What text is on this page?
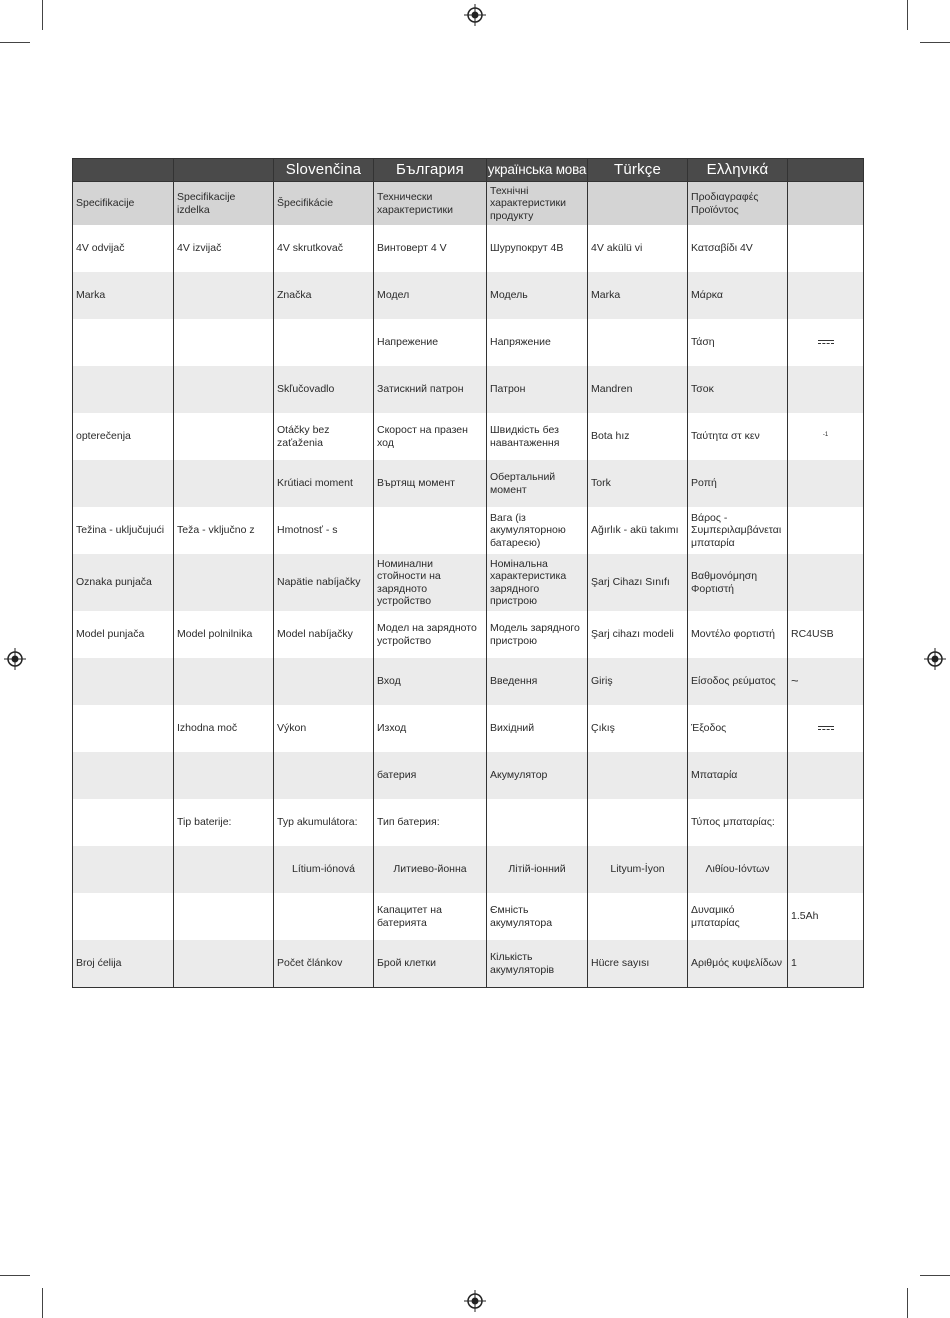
		Slovenčina	България	українська мова	Türkçe	Ελληνικά	
Specifikacije	Specifikacije izdelka	Špecifikácie	Технически характеристики	Технічні характеристики продукту		Προδιαγραφές Προϊόντος	
4V odvijač	4V izvijač	4V skrutkovač	Винтоверт 4 V	Шурупокрут 4В	4V akülü vi	Κατσαβίδι 4V	
Marka		Značka	Модел	Модель	Marka	Μάρκα	
			Напрежение	Напряжение		Τάση	
		Skľučovadlo	Затискний патрон	Патрон	Mandren	Τσοκ	
opterečenja		Otáčky bez zaťaženia	Скорост на празен ход	Швидкість без навантаження	Bota hız	Ταύτητα στ κεν	$^{-1}$
		Krútiaci moment	Въртящ момент	Обертальний момент	Tork	Ροπή	
Težina - uključujući	Teža - vključno z	Hmotnosť - s		Вага (із акумуляторною батареєю)	Ağırlık - akü takımı	Βάρος - Συμπεριλαμβάνεται μπαταρία	
Oznaka punjača		Napätie nabíjačky	Номинални стойности на зарядното устройство	Номінальна характеристика зарядного пристрою	Şarj Cihazı Sınıfı	Βαθμονόμηση Φορτιστή	
Model punjača	Model polnilnika	Model nabíjačky	Модел на зарядното устройство	Модель зарядного пристрою	Şarj cihazı modeli	Μοντέλο φορτιστή	RC4USB
			Вход	Введення	Giriş	Είσοδος ρεύματος	~
	Izhodna moč	Výkon	Изход	Вихідний	Çıkış	Έξοδος	
			батерия	Акумулятор		Μπαταρία	
	Tip baterije:	Typ akumulátora:	Тип батерия:			Τύπος μπαταρίας:	
		Lítium-iónová	Литиево-йонна	Літій-іонний	Lityum-İyon	Λιθίου-Ιόντων	
			Капацитет на батерията	Ємність акумулятора		Δυναμικό μπαταρίας	1.5Ah
Broj ćelija		Počet článkov	Брой клетки	Кількість акумуляторів	Hücre sayısı	Αριθμός κυψελίδων	1
